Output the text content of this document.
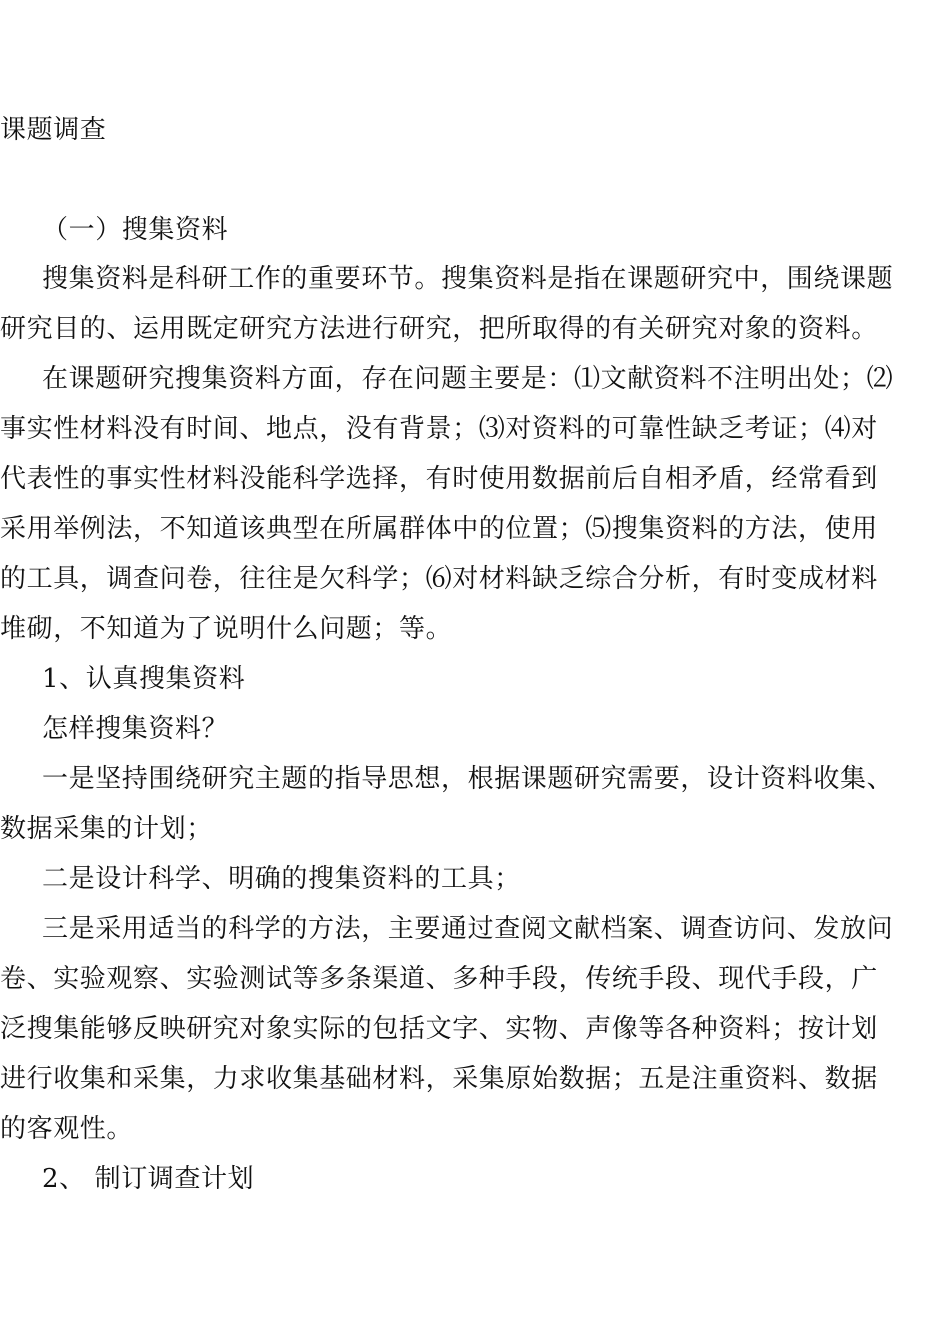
课题调查
（一）搜集资料
搜集资料是科研工作的重要环节。搜集资料是指在课题研究中，围绕课题
研究目的、运用既定研究方法进行研究，把所取得的有关研究对象的资料。
在课题研究搜集资料方面，存在问题主要是：⑴文献资料不注明出处；⑵
事实性材料没有时间、地点，没有背景；⑶对资料的可靠性缺乏考证；⑷对
代表性的事实性材料没能科学选择，有时使用数据前后自相矛盾，经常看到
采用举例法，不知道该典型在所属群体中的位置；⑸搜集资料的方法，使用
的工具，调查问卷，往往是欠科学；⑹对材料缺乏综合分析，有时变成材料
堆砌，不知道为了说明什么问题；等。
1、认真搜集资料
怎样搜集资料？
一是坚持围绕研究主题的指导思想，根据课题研究需要，设计资料收集、
数据采集的计划；
二是设计科学、明确的搜集资料的工具；
三是采用适当的科学的方法，主要通过查阅文献档案、调查访问、发放问
卷、实验观察、实验测试等多条渠道、多种手段，传统手段、现代手段，广
泛搜集能够反映研究对象实际的包括文字、实物、声像等各种资料；按计划
进行收集和采集，力求收集基础材料，采集原始数据；五是注重资料、数据
的客观性。
2、 制订调查计划
